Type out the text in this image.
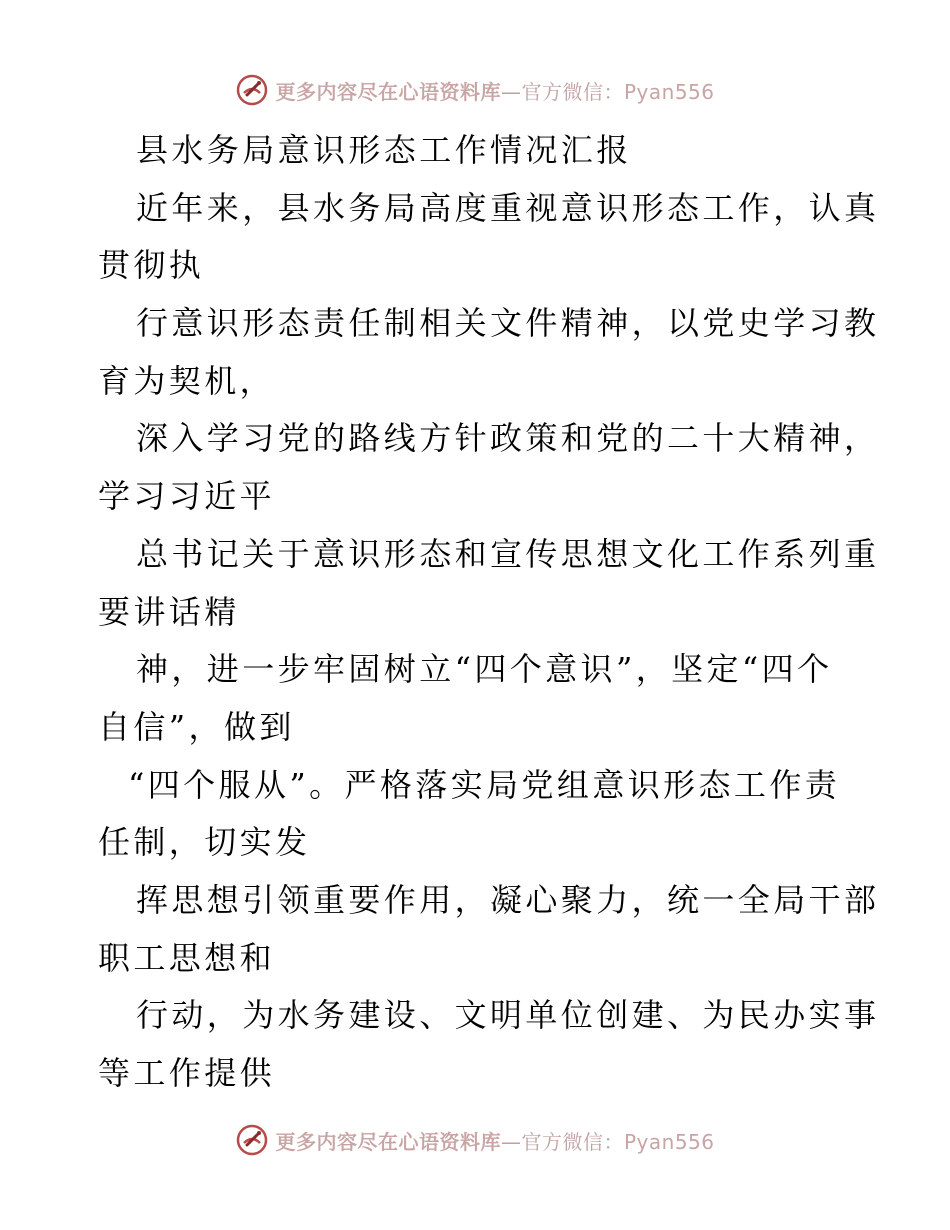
更多内容尽在心语资料库—官方微信：Pyan556
县水务局意识形态工作情况汇报
近年来，县水务局高度重视意识形态工作，认真
贯彻执
行意识形态责任制相关文件精神，以党史学习教
育为契机，
深入学习党的路线方针政策和党的二十大精神，
学习习近平
总书记关于意识形态和宣传思想文化工作系列重
要讲话精
神，进一步牢固树立“四个意识”，坚定“四个
自信”，做到
“四个服从”。严格落实局党组意识形态工作责
任制，切实发
挥思想引领重要作用，凝心聚力，统一全局干部
职工思想和
行动，为水务建设、文明单位创建、为民办实事
等工作提供
更多内容尽在心语资料库—官方微信：Pyan556
